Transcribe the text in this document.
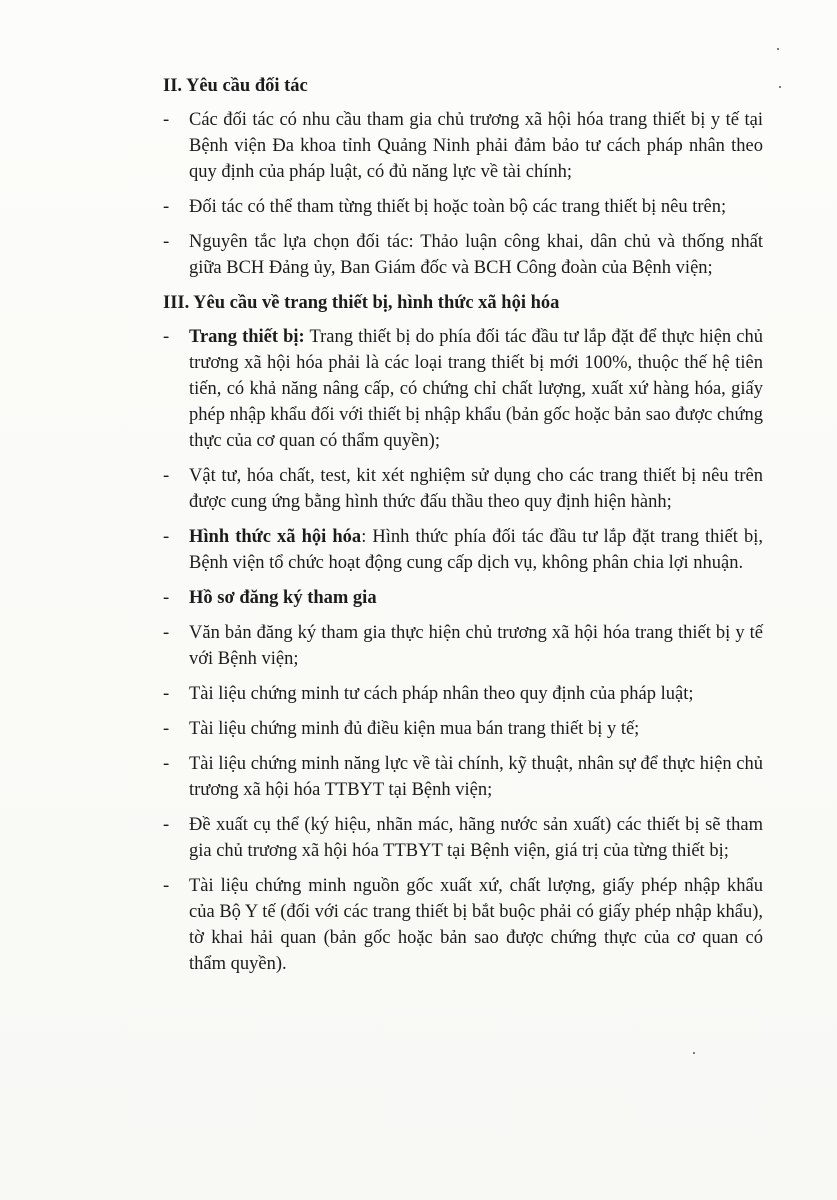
II. Yêu cầu đối tác
- Các đối tác có nhu cầu tham gia chủ trương xã hội hóa trang thiết bị y tế tại Bệnh viện Đa khoa tỉnh Quảng Ninh phải đảm bảo tư cách pháp nhân theo quy định của pháp luật, có đủ năng lực về tài chính;
- Đối tác có thể tham từng thiết bị hoặc toàn bộ các trang thiết bị nêu trên;
- Nguyên tắc lựa chọn đối tác: Thảo luận công khai, dân chủ và thống nhất giữa BCH Đảng ủy, Ban Giám đốc và BCH Công đoàn của Bệnh viện;
III. Yêu cầu về trang thiết bị, hình thức xã hội hóa
- Trang thiết bị: Trang thiết bị do phía đối tác đầu tư lắp đặt để thực hiện chủ trương xã hội hóa phải là các loại trang thiết bị mới 100%, thuộc thế hệ tiên tiến, có khả năng nâng cấp, có chứng chỉ chất lượng, xuất xứ hàng hóa, giấy phép nhập khẩu đối với thiết bị nhập khẩu (bản gốc hoặc bản sao được chứng thực của cơ quan có thẩm quyền);
- Vật tư, hóa chất, test, kit xét nghiệm sử dụng cho các trang thiết bị nêu trên được cung ứng bằng hình thức đấu thầu theo quy định hiện hành;
- Hình thức xã hội hóa: Hình thức phía đối tác đầu tư lắp đặt trang thiết bị, Bệnh viện tổ chức hoạt động cung cấp dịch vụ, không phân chia lợi nhuận.
- Hồ sơ đăng ký tham gia
- Văn bản đăng ký tham gia thực hiện chủ trương xã hội hóa trang thiết bị y tế với Bệnh viện;
- Tài liệu chứng minh tư cách pháp nhân theo quy định của pháp luật;
- Tài liệu chứng minh đủ điều kiện mua bán trang thiết bị y tế;
- Tài liệu chứng minh năng lực về tài chính, kỹ thuật, nhân sự để thực hiện chủ trương xã hội hóa TTBYT tại Bệnh viện;
- Đề xuất cụ thể (ký hiệu, nhãn mác, hãng nước sản xuất) các thiết bị sẽ tham gia chủ trương xã hội hóa TTBYT tại Bệnh viện, giá trị của từng thiết bị;
- Tài liệu chứng minh nguồn gốc xuất xứ, chất lượng, giấy phép nhập khẩu của Bộ Y tế (đối với các trang thiết bị bắt buộc phải có giấy phép nhập khẩu), tờ khai hải quan (bản gốc hoặc bản sao được chứng thực của cơ quan có thẩm quyền).
